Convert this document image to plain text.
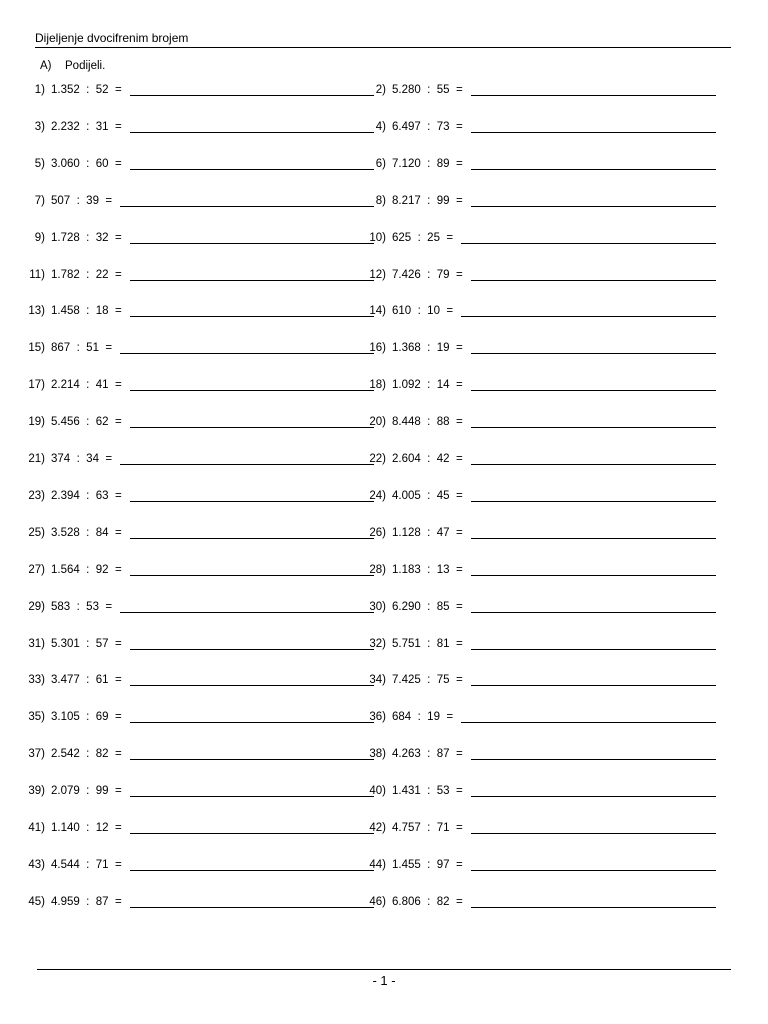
Dijeljenje dvocifrenim brojem
A) Podijeli.
1) 1.352  :  52  =	2) 5.280  :  55  =
3) 2.232  :  31  =	4) 6.497  :  73  =
5) 3.060  :  60  =	6) 7.120  :  89  =
7) 507  :  39  =	8) 8.217  :  99  =
9) 1.728  :  32  =	10) 625  :  25  =
11) 1.782  :  22  =	12) 7.426  :  79  =
13) 1.458  :  18  =	14) 610  :  10  =
15) 867  :  51  =	16) 1.368  :  19  =
17) 2.214  :  41  =	18) 1.092  :  14  =
19) 5.456  :  62  =	20) 8.448  :  88  =
21) 374  :  34  =	22) 2.604  :  42  =
23) 2.394  :  63  =	24) 4.005  :  45  =
25) 3.528  :  84  =	26) 1.128  :  47  =
27) 1.564  :  92  =	28) 1.183  :  13  =
29) 583  :  53  =	30) 6.290  :  85  =
31) 5.301  :  57  =	32) 5.751  :  81  =
33) 3.477  :  61  =	34) 7.425  :  75  =
35) 3.105  :  69  =	36) 684  :  19  =
37) 2.542  :  82  =	38) 4.263  :  87  =
39) 2.079  :  99  =	40) 1.431  :  53  =
41) 1.140  :  12  =	42) 4.757  :  71  =
43) 4.544  :  71  =	44) 1.455  :  97  =
45) 4.959  :  87  =	46) 6.806  :  82  =
- 1 -
